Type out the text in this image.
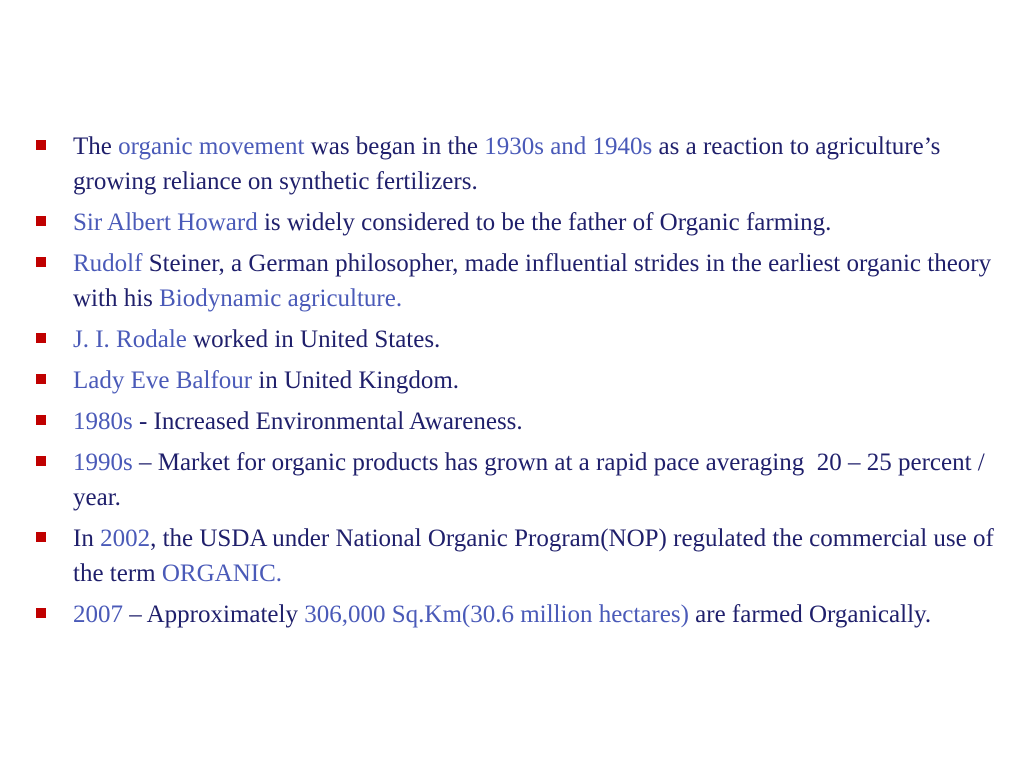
The organic movement was began in the 1930s and 1940s as a reaction to agriculture’s growing reliance on synthetic fertilizers.
Sir Albert Howard is widely considered to be the father of Organic farming.
Rudolf Steiner, a German philosopher, made influential strides in the earliest organic theory with his Biodynamic agriculture.
J. I. Rodale worked in United States.
Lady Eve Balfour in United Kingdom.
1980s - Increased Environmental Awareness.
1990s – Market for organic products has grown at a rapid pace averaging  20 – 25 percent / year.
In 2002, the USDA under National Organic Program(NOP) regulated the commercial use of the term ORGANIC.
2007 – Approximately 306,000 Sq.Km(30.6 million hectares) are farmed Organically.
